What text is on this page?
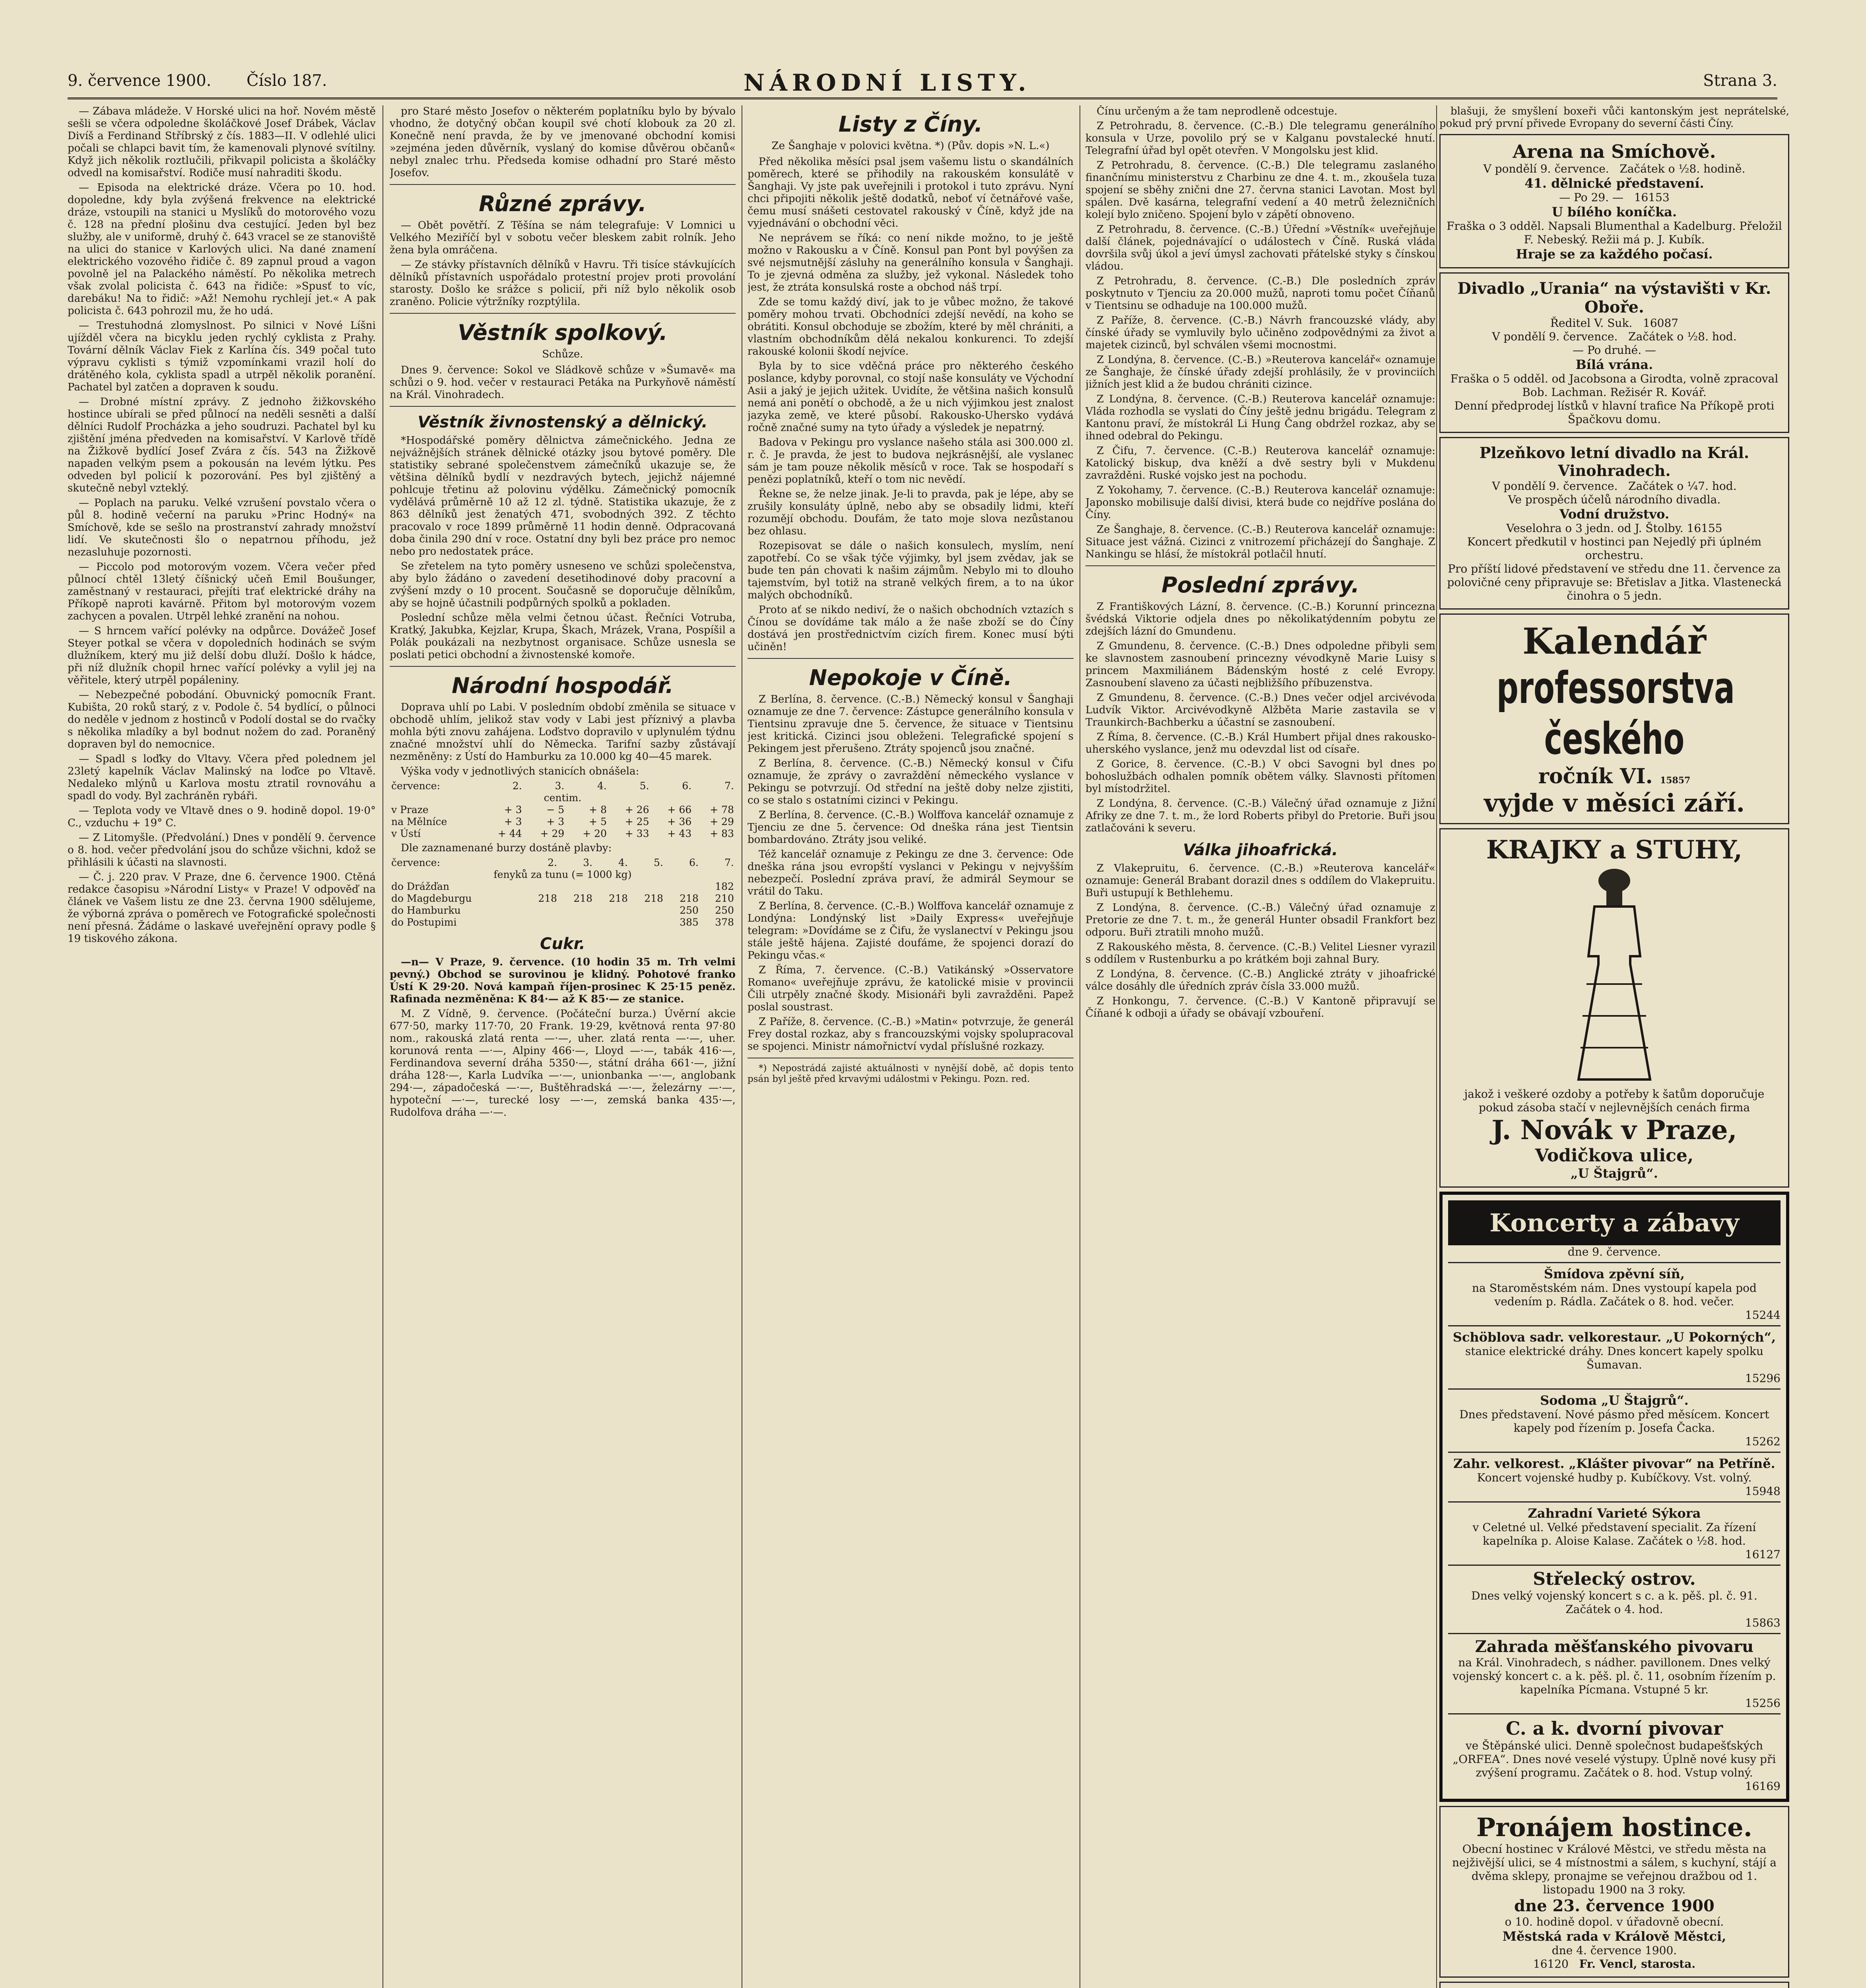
9. července 1900. Číslo 187.	NÁRODNÍ LISTY.	Strana 3.

— Zábava mládeže. V Horské ulici na hoř. Novém městě sešli se včera odpoledne školáčkové Josef Drábek, Václav Divíš a Ferdinand Stříbrský z čís. 1883—II. V odlehlé ulici počali se chlapci bavit tím, že kamenovali plynové svítilny. Když jich několik roztlučili, přikvapil policista a školáčky odvedl na komisařství. Rodiče musí nahraditi škodu.

— Episoda na elektrické dráze. Včera po 10. hod. dopoledne, kdy byla zvýšená frekvence na elektrické dráze, vstoupili na stanici u Myslíků do motorového vozu č. 128 na přední plošinu dva cestující. Jeden byl bez služby, ale v uniformě, druhý č. 643 vracel se ze stanoviště na ulici do stanice v Karlových ulici. Na dané znamení elektrického vozového řidiče č. 89 zapnul proud a vagon povolně jel na Palackého náměstí. Po několika metrech však zvolal policista č. 643 na řidiče: »Spusť to víc, darebáku! Na to řidič: »Až! Nemohu rychlejí jet.« A pak policista č. 643 pohrozil mu, že ho udá.

— Trestuhodná zlomyslnost. Po silnici v Nové Líšni ujížděl včera na bicyklu jeden rychlý cyklista z Prahy. Tovární dělník Václav Fiek z Karlína čís. 349 počal tuto výpravu cyklisti s týmiž vzpomínkami vrazil holí do drátěného kola, cyklista spadl a utrpěl několik poranění. Pachatel byl zatčen a dopraven k soudu.

— Drobné místní zprávy. Z jednoho žižkovského hostince ubírali se před půlnocí na neděli sesněti a další dělníci Rudolf Procházka a jeho soudruzi. Pachatel byl ku zjištění jména předveden na komisařství. V Karlově třídě na Žižkově bydlící Josef Zvára z čís. 543 na Žižkově napaden velkým psem a pokousán na levém lýtku. Pes odveden byl policií k pozorování. Pes byl zjištěný a skutečně nebyl vzteklý.

— Poplach na paruku. Velké vzrušení povstalo včera o půl 8. hodině večerní na paruku »Princ Hodný« na Smíchově, kde se sešlo na prostranství zahrady množství lidí. Ve skutečnosti šlo o nepatrnou příhodu, jež nezasluhuje pozornosti.

— Piccolo pod motorovým vozem. Včera večer před půlnocí chtěl 13letý číšnický učeň Emil Boušunger, zaměstnaný v restauraci, přejíti trať elektrické dráhy na Příkopě naproti kavárně. Přitom byl motorovým vozem zachycen a povalen. Utrpěl lehké zranění na nohou.

— S hrncem vařící polévky na odpůrce. Dovážeč Josef Steyer potkal se včera v dopoledních hodinách se svým dlužníkem, který mu již delší dobu dluží. Došlo k hádce, při níž dlužník chopil hrnec vařící polévky a vylil jej na věřitele, který utrpěl popáleniny.

— Nebezpečné pobodání. Obuvnický pomocník Frant. Kubišta, 20 roků starý, z v. Podole č. 54 bydlící, o půlnoci do neděle v jednom z hostinců v Podolí dostal se do rvačky s několika mladíky a byl bodnut nožem do zad. Poraněný dopraven byl do nemocnice.

— Spadl s loďky do Vltavy. Včera před polednem jel 23letý kapelník Václav Malinský na loďce po Vltavě. Nedaleko mlýnů u Karlova mostu ztratil rovnováhu a spadl do vody. Byl zachráněn rybáři.

— Teplota vody ve Vltavě dnes o 9. hodině dopol. 19·0° C., vzduchu + 19° C.

— Z Litomyšle. (Předvolání.) Dnes v pondělí 9. července o 8. hod. večer předvolání jsou do schůze všichni, kdož se přihlásili k účasti na slavnosti.

— Č. j. 220 prav. V Praze, dne 6. července 1900. Ctěná redakce časopisu »Národní Listy« v Praze! V odpověď na článek ve Vašem listu ze dne 23. června 1900 sdělujeme, že výborná zpráva o poměrech ve Fotografické společnosti není přesná. Žádáme o laskavé uveřejnění opravy podle § 19 tiskového zákona.

pro Staré město Josefov o některém poplatníku bylo by bývalo vhodno, že dotyčný občan koupil své chotí klobouk za 20 zl. Konečně není pravda, že by ve jmenované obchodní komisi »zejména jeden důvěrník, vyslaný do komise důvěrou občanů« nebyl znalec trhu. Předseda komise odhadní pro Staré město Josefov.

Různé zprávy.

— Obět povětří. Z Těšína se nám telegrafuje: V Lomnici u Velkého Meziříčí byl v sobotu večer bleskem zabit rolník. Jeho žena byla omráčena.

— Ze stávky přístavních dělníků v Havru. Tři tisíce stávkujících dělníků přístavních uspořádalo protestní projev proti provolání starosty. Došlo ke srážce s policií, při níž bylo několik osob zraněno. Policie výtržníky rozptýlila.

Věstník spolkový.
Schůze.

Dnes 9. července: Sokol ve Sládkově schůze v »Šumavě« ma schůzi o 9. hod. večer v restauraci Petáka na Purkyňově náměstí na Král. Vinohradech.

Věstník živnostenský a dělnický.

*Hospodářské poměry dělnictva zámečnického. Jedna ze nejvážnějších stránek dělnické otázky jsou bytové poměry. Dle statistiky sebrané společenstvem zámečníků ukazuje se, že většina dělníků bydlí v nezdravých bytech, jejichž nájemné pohlcuje třetinu až polovinu výdělku. Zámečnický pomocník vydělává průměrně 10 až 12 zl. týdně. Statistika ukazuje, že z 863 dělníků jest ženatých 471, svobodných 392. Z těchto pracovalo v roce 1899 průměrně 11 hodin denně. Odpracovaná doba činila 290 dní v roce. Ostatní dny byli bez práce pro nemoc nebo pro nedostatek práce.

Se zřetelem na tyto poměry usneseno ve schůzi společenstva, aby bylo žádáno o zavedení desetihodinové doby pracovní a zvýšení mzdy o 10 procent. Současně se doporučuje dělníkům, aby se hojně účastnili podpůrných spolků a pokladen.

Poslední schůze měla velmi četnou účast. Řečníci Votruba, Kratký, Jakubka, Kejzlar, Krupa, Škach, Mrázek, Vrana, Pospíšil a Polák poukázali na nezbytnost organisace. Schůze usnesla se poslati petici obchodní a živnostenské komoře.

Národní hospodář.

Doprava uhlí po Labi. V posledním období změnila se situace v obchodě uhlím, jelikož stav vody v Labi jest příznivý a plavba mohla býti znovu zahájena. Loďstvo dopravilo v uplynulém týdnu značné množství uhlí do Německa. Tarifní sazby zůstávají nezměněny: z Ústí do Hamburku za 10.000 kg 40—45 marek.

Výška vody v jednotlivých stanicích obnášela:

července:	2.	3.	4.	5.	6.	7.
centim.						
v Praze	+ 3	− 5	+ 8	+ 26	+ 66	+ 78
na Mělníce	+ 3	+ 3	+ 5	+ 25	+ 36	+ 29
v Ústí	+ 44	+ 29	+ 20	+ 33	+ 43	+ 83

Dle zaznamenané burzy dostáně plavby:

července:	2.	3.	4.	5.	6.	7.
fenyků za tunu (= 1000 kg)						
do Drážďan						182
do Magdeburgu	218	218	218	218	218	210
do Hamburku					250	250
do Postupimi					385	378
Cukr.

—n— V Praze, 9. července. (10 hodin 35 m. Trh velmi pevný.) Obchod se surovinou je klidný. Pohotové franko Ústí K 29·20. Nová kampaň říjen-prosinec K 25·15 peněz. Rafinada nezměněna: K 84·— až K 85·— ze stanice.

M. Z Vídně, 9. července. (Počáteční burza.) Úvěrní akcie 677·50, marky 117·70, 20 Frank. 19·29, květnová renta 97·80 nom., rakouská zlatá renta —·—, uher. zlatá renta —·—, uher. korunová renta —·—, Alpiny 466·—, Lloyd —·—, tabák 416·—, Ferdinandova severní dráha 5350·—, státní dráha 661·—, jižní dráha 128·—, Karla Ludvíka —·—, unionbanka —·—, anglobank 294·—, západočeská —·—, Buštěhradská —·—, železárny —·—, hypoteční —·—, turecké losy —·—, zemská banka 435·—, Rudolfova dráha —·—.

Listy z Číny.
Ze Šanghaje v polovici května. *) (Pův. dopis »N. L.«)

Před několika měsíci psal jsem vašemu listu o skandálních poměrech, které se přihodily na rakouském konsulátě v Šanghaji. Vy jste pak uveřejnili i protokol i tuto zprávu. Nyní chci připojiti několik ještě dodatků, neboť ví četnářové vaše, čemu musí snášeti cestovatel rakouský v Číně, když jde na vyjednávání o obchodní věci.

Ne neprávem se říká: co není nikde možno, to je ještě možno v Rakousku a v Číně. Konsul pan Pont byl povýšen za své nejsmutnější zásluhy na generálního konsula v Šanghaji. To je zjevná odměna za služby, jež vykonal. Následek toho jest, že ztráta konsulská roste a obchod náš trpí.

Zde se tomu každý diví, jak to je vůbec možno, že takové poměry mohou trvati. Obchodníci zdejší nevědí, na koho se obrátiti. Konsul obchoduje se zbožím, které by měl chrániti, a vlastním obchodníkům dělá nekalou konkurenci. To zdejší rakouské kolonii škodí nejvíce.

Byla by to sice vděčná práce pro některého českého poslance, kdyby porovnal, co stojí naše konsuláty ve Východní Asii a jaký je jejich užitek. Uvidíte, že většina našich konsulů nemá ani ponětí o obchodě, a že u nich výjimkou jest znalost jazyka země, ve které působí. Rakousko-Uhersko vydává ročně značné sumy na tyto úřady a výsledek je nepatrný.

Badova v Pekingu pro vyslance našeho stála asi 300.000 zl. r. č. Je pravda, že jest to budova nejkrásnější, ale vyslanec sám je tam pouze několik měsíců v roce. Tak se hospodaří s penězi poplatníků, kteří o tom nic nevědí.

Řekne se, že nelze jinak. Je-li to pravda, pak je lépe, aby se zrušily konsuláty úplně, nebo aby se obsadily lidmi, kteří rozumějí obchodu. Doufám, že tato moje slova nezůstanou bez ohlasu.

Rozepisovat se dále o našich konsulech, myslím, není zapotřebí. Co se však týče výjimky, byl jsem zvědav, jak se bude ten pán chovati k našim zájmům. Nebylo mi to dlouho tajemstvím, byl totiž na straně velkých firem, a to na úkor malých obchodníků.

Proto ať se nikdo nediví, že o našich obchodních vztazích s Čínou se dovídáme tak málo a že naše zboží se do Číny dostává jen prostřednictvím cizích firem. Konec musí býti učiněn!

Nepokoje v Číně.

Z Berlína, 8. července. (C.-B.) Německý konsul v Šanghaji oznamuje ze dne 7. července: Zástupce generálního konsula v Tientsinu zpravuje dne 5. července, že situace v Tientsinu jest kritická. Cizinci jsou obleženi. Telegrafické spojení s Pekingem jest přerušeno. Ztráty spojenců jsou značné.

Z Berlína, 8. července. (C.-B.) Německý konsul v Čifu oznamuje, že zprávy o zavraždění německého vyslance v Pekingu se potvrzují. Od střední na ještě doby nelze zjistiti, co se stalo s ostatními cizinci v Pekingu.

Z Berlína, 8. července. (C.-B.) Wolffova kancelář oznamuje z Tjenciu ze dne 5. července: Od dneška rána jest Tientsin bombardováno. Ztráty jsou veliké.

Též kancelář oznamuje z Pekingu ze dne 3. července: Ode dneška rána jsou evropští vyslanci v Pekingu v nejvyšším nebezpečí. Poslední zpráva praví, že admirál Seymour se vrátil do Taku.

Z Berlína, 8. července. (C.-B.) Wolffova kancelář oznamuje z Londýna: Londýnský list »Daily Express« uveřejňuje telegram: »Dovídáme se z Čifu, že vyslanectví v Pekingu jsou stále ještě hájena. Zajisté doufáme, že spojenci dorazí do Pekingu včas.«

Z Říma, 7. července. (C.-B.) Vatikánský »Osservatore Romano« uveřejňuje zprávu, že katolické misie v provincii Čili utrpěly značné škody. Misionáři byli zavražděni. Papež poslal soustrast.

Z Paříže, 8. července. (C.-B.) »Matin« potvrzuje, že generál Frey dostal rozkaz, aby s francouzskými vojsky spolupracoval se spojenci. Ministr námořnictví vydal příslušné rozkazy.

*) Nepostrádá zajisté aktuálnosti v nynější době, ač dopis tento psán byl ještě před krvavými událostmi v Pekingu. Pozn. red.

Čínu určeným a že tam neprodleně odcestuje.

Z Petrohradu, 8. července. (C.-B.) Dle telegramu generálního konsula v Urze, povolilo prý se v Kalganu povstalecké hnutí. Telegrafní úřad byl opět otevřen. V Mongolsku jest klid.

Z Petrohradu, 8. července. (C.-B.) Dle telegramu zaslaného finančnímu ministerstvu z Charbinu ze dne 4. t. m., zkoušela tuza spojení se sběhy znični dne 27. června stanici Lavotan. Most byl spálen. Dvě kasárna, telegrafní vedení a 40 metrů železničních kolejí bylo zničeno. Spojení bylo v zápětí obnoveno.

Z Petrohradu, 8. července. (C.-B.) Úřední »Věstník« uveřejňuje další článek, pojednávající o událostech v Číně. Ruská vláda dovršila svůj úkol a jeví úmysl zachovati přátelské styky s čínskou vládou.

Z Petrohradu, 8. července. (C.-B.) Dle posledních zpráv poskytnuto v Tjenciu za 20.000 mužů, naproti tomu počet Číňanů v Tientsinu se odhaduje na 100.000 mužů.

Z Paříže, 8. července. (C.-B.) Návrh francouzské vlády, aby čínské úřady se vymluvily bylo učiněno zodpovědnými za život a majetek cizinců, byl schválen všemi mocnostmi.

Z Londýna, 8. července. (C.-B.) »Reuterova kancelář« oznamuje ze Šanghaje, že čínské úřady zdejší prohlásily, že v provinciích jižních jest klid a že budou chrániti cizince.

Z Londýna, 8. července. (C.-B.) Reuterova kancelář oznamuje: Vláda rozhodla se vyslati do Číny ještě jednu brigádu. Telegram z Kantonu praví, že místokrál Li Hung Čang obdržel rozkaz, aby se ihned odebral do Pekingu.

Z Čifu, 7. července. (C.-B.) Reuterova kancelář oznamuje: Katolický biskup, dva kněží a dvě sestry byli v Mukdenu zavražděni. Ruské vojsko jest na pochodu.

Z Yokohamy, 7. července. (C.-B.) Reuterova kancelář oznamuje: Japonsko mobilisuje další divisi, která bude co nejdříve poslána do Číny.

Ze Šanghaje, 8. července. (C.-B.) Reuterova kancelář oznamuje: Situace jest vážná. Cizinci z vnitrozemí přicházejí do Šanghaje. Z Nankingu se hlásí, že místokrál potlačil hnutí.

Poslední zprávy.

Z Františkových Lázní, 8. července. (C.-B.) Korunní princezna švédská Viktorie odjela dnes po několikatýdenním pobytu ze zdejších lázní do Gmundenu.

Z Gmundenu, 8. července. (C.-B.) Dnes odpoledne přibyli sem ke slavnostem zasnoubení princezny vévodkyně Marie Luisy s princem Maxmiliánem Bádenským hosté z celé Evropy. Zasnoubení slaveno za účasti nejbližšího příbuzenstva.

Z Gmundenu, 8. července. (C.-B.) Dnes večer odjel arcivévoda Ludvík Viktor. Arcivévodkyně Alžběta Marie zastavila se v Traunkirch-Bachberku a účastní se zasnoubení.

Z Říma, 8. července. (C.-B.) Král Humbert přijal dnes rakousko-uherského vyslance, jenž mu odevzdal list od císaře.

Z Gorice, 8. července. (C.-B.) V obci Savogni byl dnes po bohoslužbách odhalen pomník obětem války. Slavnosti přítomen byl místodržitel.

Z Londýna, 8. července. (C.-B.) Válečný úřad oznamuje z Jižní Afriky ze dne 7. t. m., že lord Roberts přibyl do Pretorie. Buři jsou zatlačováni k severu.

Válka jihoafrická.

Z Vlakepruitu, 6. července. (C.-B.) »Reuterova kancelář« oznamuje: Generál Brabant dorazil dnes s oddílem do Vlakepruitu. Buři ustupují k Bethlehemu.

Z Londýna, 8. července. (C.-B.) Válečný úřad oznamuje z Pretorie ze dne 7. t. m., že generál Hunter obsadil Frankfort bez odporu. Buři ztratili mnoho mužů.

Z Rakouského města, 8. července. (C.-B.) Velitel Liesner vyrazil s oddílem v Rustenburku a po krátkém boji zahnal Bury.

Z Londýna, 8. července. (C.-B.) Anglické ztráty v jihoafrické válce dosáhly dle úředních zpráv čísla 33.000 mužů.

Z Honkongu, 7. července. (C.-B.) V Kantoně připravují se Číňané k odboji a úřady se obávají vzbouření.

blašuji, že smyšlení boxeři vůči kantonským jest neprátelské, pokud prý první přivede Evropany do severní části Číny.

Arena na Smíchově.
V pondělí 9. července. Začátek o ½8. hodině.
41. dělnické představení.
— Po 29. — 16153
U bílého koníčka.
Fraška o 3 odděl. Napsali Blumenthal a Kadelburg. Přeložil F. Nebeský. Režii má p. J. Kubík.
Hraje se za každého počasí.
Divadlo „Urania“ na výstavišti v Kr. Oboře.
Ředitel V. Suk. 16087
V pondělí 9. července. Začátek o ½8. hod.
— Po druhé. —
Bílá vrána.
Fraška o 5 odděl. od Jacobsona a Girodta, volně zpracoval Bob. Lachman. Režisér R. Kovář.
Denní předprodej lístků v hlavní trafice Na Příkopě proti Špačkovu domu.
Plzeňkovo letní divadlo na Král. Vinohradech.
V pondělí 9. července. Začátek o ¼7. hod.
Ve prospěch účelů národního divadla.
Vodní družstvo.
Veselohra o 3 jedn. od J. Štolby. 16155
Koncert předkutil v hostinci pan Nejedlý při úplném orchestru.
Pro příští lidové představení ve středu dne 11. července za polovičné ceny připravuje se: Břetislav a Jitka. Vlastenecká činohra o 5 jedn.
Kalendář
professorstva českého
ročník VI. 15857
vyjde v měsíci září.
KRAJKY a STUHY,
jakož i veškeré ozdoby a potřeby k šatům doporučuje pokud zásoba stačí v nejlevnějších cenách firma
J. Novák v Praze,
Vodičkova ulice,
„U Štajgrů“.
Koncerty a zábavy
dne 9. července.
Šmídova zpěvní síň,
na Staroměstském nám. Dnes vystoupí kapela pod vedením p. Rádla. Začátek o 8. hod. večer.
15244
Schöblova sadr. velkorestaur. „U Pokorných“,
stanice elektrické dráhy. Dnes koncert kapely spolku Šumavan.
15296
Sodoma „U Štajgrů“.
Dnes představení. Nové pásmo před měsícem. Koncert kapely pod řízením p. Josefa Čacka.
15262
Zahr. velkorest. „Klášter pivovar“ na Petříně.
Koncert vojenské hudby p. Kubíčkovy. Vst. volný.
15948
Zahradní Varieté Sýkora
v Celetné ul. Velké představení specialit. Za řízení kapelníka p. Aloise Kalase. Začátek o ½8. hod.
16127
Střelecký ostrov.
Dnes velký vojenský koncert s c. a k. pěš. pl. č. 91. Začátek o 4. hod.
15863
Zahrada měšťanského pivovaru
na Král. Vinohradech, s nádher. pavillonem. Dnes velký vojenský koncert c. a k. pěš. pl. č. 11, osobním řízením p. kapelníka Pícmana. Vstupné 5 kr.
15256
C. a k. dvorní pivovar
ve Štěpánské ulici. Denně společnost budapešťských „ORFEA“. Dnes nové veselé výstupy. Úplně nové kusy při zvýšení programu. Začátek o 8. hod. Vstup volný.
16169
Pronájem hostince.
Obecní hostinec v Králové Městci, ve středu města na nejživější ulici, se 4 místnostmi a sálem, s kuchyní, stájí a dvěma sklepy, pronajme se veřejnou dražbou od 1. listopadu 1900 na 3 roky.
dne 23. července 1900
o 10. hodině dopol. v úřadovně obecní.
Městská rada v Králově Městci,
dne 4. července 1900.
16120 Fr. Vencl, starosta.
